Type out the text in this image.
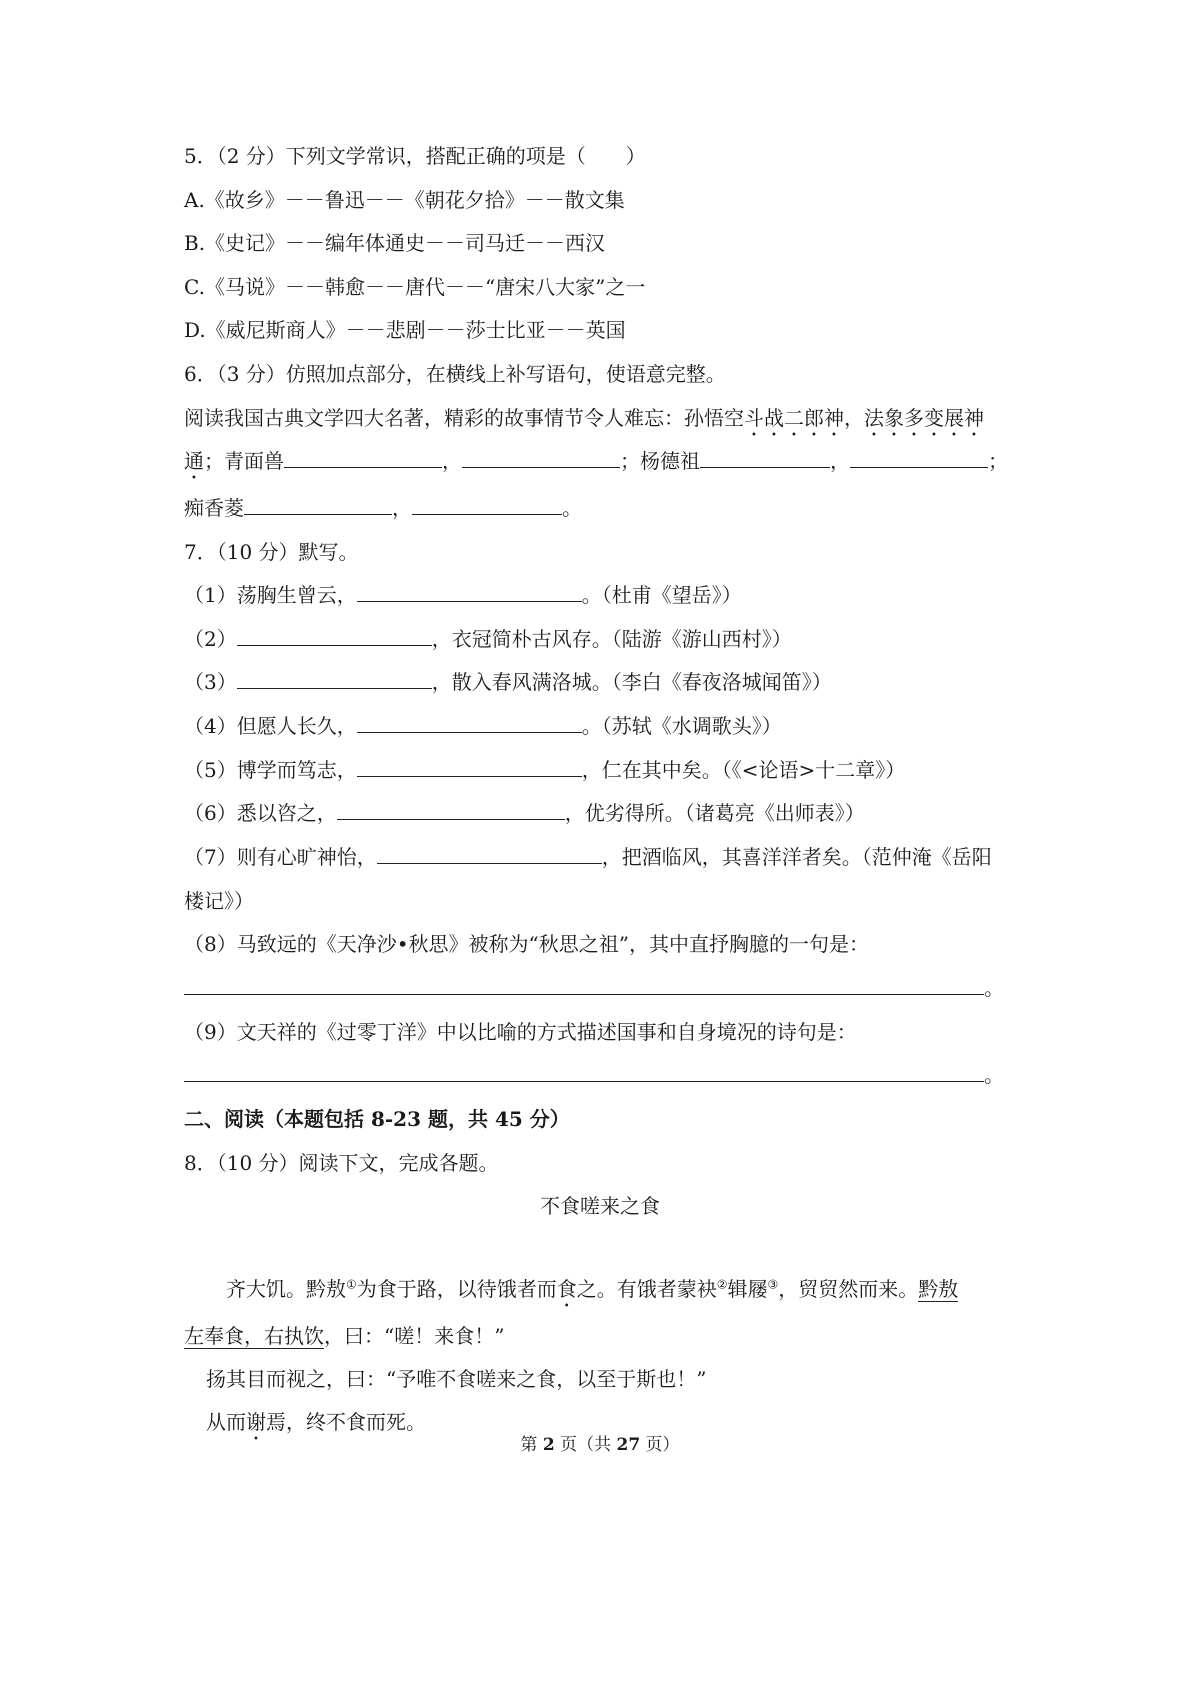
5．（2 分）下列文学常识，搭配正确的项是（　　）
A.《故乡》－－鲁迅－－《朝花夕拾》－－散文集
B.《史记》－－编年体通史－－司马迁－－西汉
C.《马说》－－韩愈－－唐代－－“唐宋八大家”之一
D.《威尼斯商人》－－悲剧－－莎士比亚－－英国
6．（3 分）仿照加点部分，在横线上补写语句，使语意完整。
阅读我国古典文学四大名著，精彩的故事情节令人难忘：孙悟空斗战二郎神，法象多变展神
通；青面兽	，	；杨德祖	，	；
痴香菱	，	。
7．（10 分）默写。
（1）荡胸生曾云，	。（杜甫《望岳》）
（2）	，衣冠简朴古风存。（陆游《游山西村》）
（3）	，散入春风满洛城。（李白《春夜洛城闻笛》）
（4）但愿人长久，	。（苏轼《水调歌头》）
（5）博学而笃志，	，仁在其中矣。（《<论语>十二章》）
（6）悉以咨之，	，优劣得所。（诸葛亮《出师表》）
（7）则有心旷神怡，	，把酒临风，其喜洋洋者矣。（范仲淹《岳阳
楼记》）
（8）马致远的《天净沙•秋思》被称为“秋思之祖”，其中直抒胸臆的一句是：
。
（9）文天祥的《过零丁洋》中以比喻的方式描述国事和自身境况的诗句是：
。
二、阅读（本题包括 8-23 题，共 45 分）
8．（10 分）阅读下文，完成各题。
不食嗟来之食
齐大饥。黔敖①为食于路，以待饿者而食之。有饿者蒙袂②辑屦③，贸贸然而来。黔敖
左奉食，右执饮，曰：“嗟！来食！”
扬其目而视之，曰：“予唯不食嗟来之食，以至于斯也！”
从而谢焉，终不食而死。
第 2 页（共 27 页）
